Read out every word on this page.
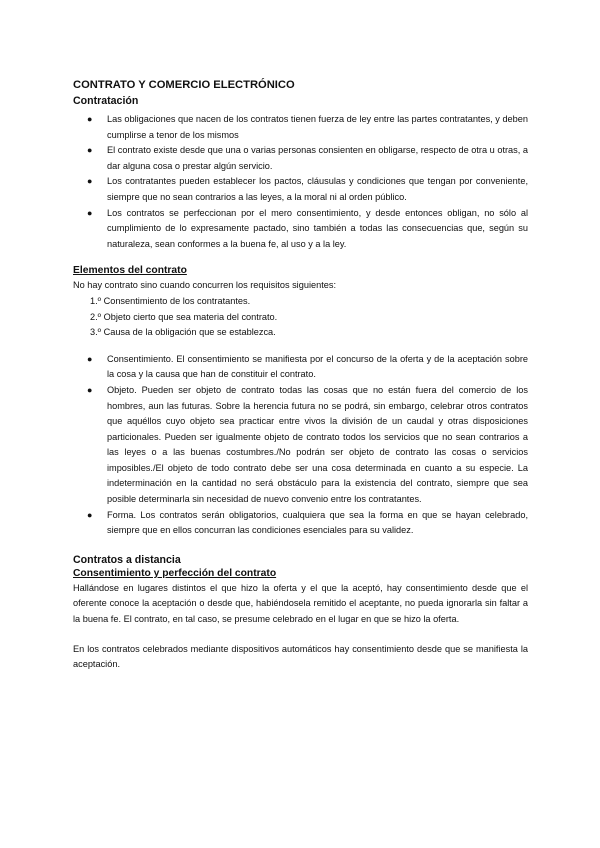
CONTRATO Y COMERCIO ELECTRÓNICO
Contratación
● Las obligaciones que nacen de los contratos tienen fuerza de ley entre las partes contratantes, y deben cumplirse a tenor de los mismos
● El contrato existe desde que una o varias personas consienten en obligarse, respecto de otra u otras, a dar alguna cosa o prestar algún servicio.
● Los contratantes pueden establecer los pactos, cláusulas y condiciones que tengan por conveniente, siempre que no sean contrarios a las leyes, a la moral ni al orden público.
● Los contratos se perfeccionan por el mero consentimiento, y desde entonces obligan, no sólo al cumplimiento de lo expresamente pactado, sino también a todas las consecuencias que, según su naturaleza, sean conformes a la buena fe, al uso y a la ley.
Elementos del contrato

No hay contrato sino cuando concurren los requisitos siguientes:

1.º Consentimiento de los contratantes.
2.º Objeto cierto que sea materia del contrato.
3.º Causa de la obligación que se establezca.
● Consentimiento. El consentimiento se manifiesta por el concurso de la oferta y de la aceptación sobre la cosa y la causa que han de constituir el contrato.
● Objeto. Pueden ser objeto de contrato todas las cosas que no están fuera del comercio de los hombres, aun las futuras. Sobre la herencia futura no se podrá, sin embargo, celebrar otros contratos que aquéllos cuyo objeto sea practicar entre vivos la división de un caudal y otras disposiciones particionales. Pueden ser igualmente objeto de contrato todos los servicios que no sean contrarios a las leyes o a las buenas costumbres./No podrán ser objeto de contrato las cosas o servicios imposibles./El objeto de todo contrato debe ser una cosa determinada en cuanto a su especie. La indeterminación en la cantidad no será obstáculo para la existencia del contrato, siempre que sea posible determinarla sin necesidad de nuevo convenio entre los contratantes.
● Forma. Los contratos serán obligatorios, cualquiera que sea la forma en que se hayan celebrado, siempre que en ellos concurran las condiciones esenciales para su validez.
Contratos a distancia
Consentimiento y perfección del contrato

Hallándose en lugares distintos el que hizo la oferta y el que la aceptó, hay consentimiento desde que el oferente conoce la aceptación o desde que, habiéndosela remitido el aceptante, no pueda ignorarla sin faltar a la buena fe. El contrato, en tal caso, se presume celebrado en el lugar en que se hizo la oferta.

En los contratos celebrados mediante dispositivos automáticos hay consentimiento desde que se manifiesta la aceptación.
